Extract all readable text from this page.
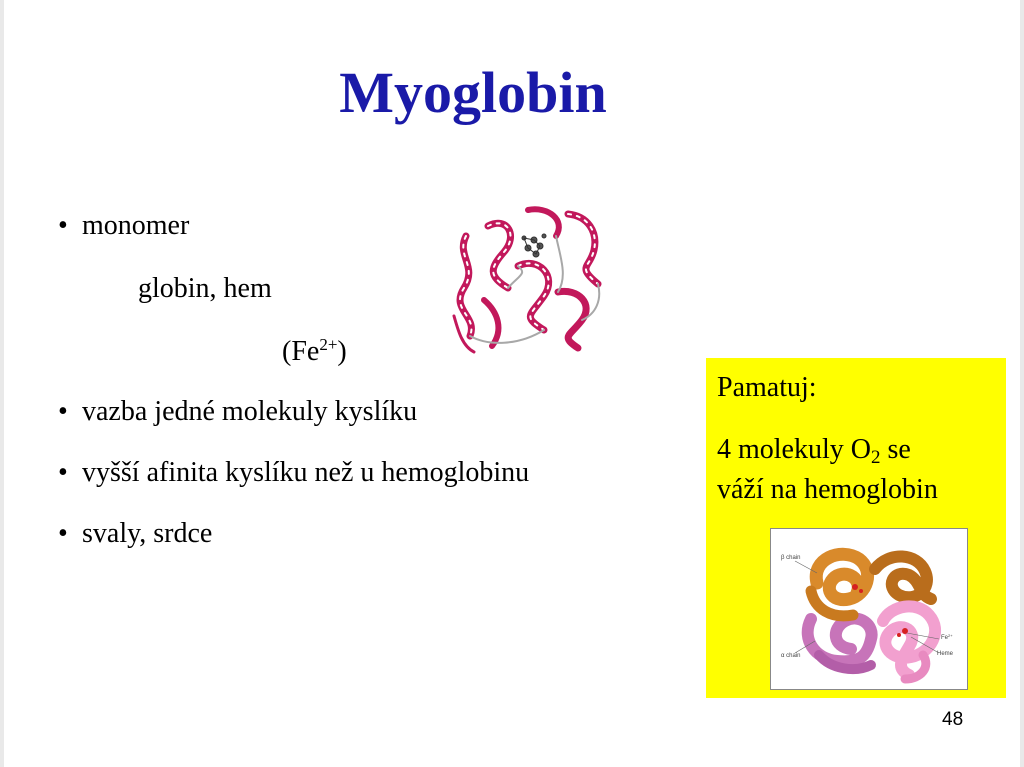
Myoglobin
• monomer
globin, hem
$(Fe^{2+})$
• vazba jedné molekuly kyslíku
• vyšší afinita kyslíku než u hemoglobinu
• svaly, srdce
Pamatuj:
4 molekuly $O_2$ se
váží na hemoglobin
β chain
α chain
$Fe^{2+}$
Heme
48
